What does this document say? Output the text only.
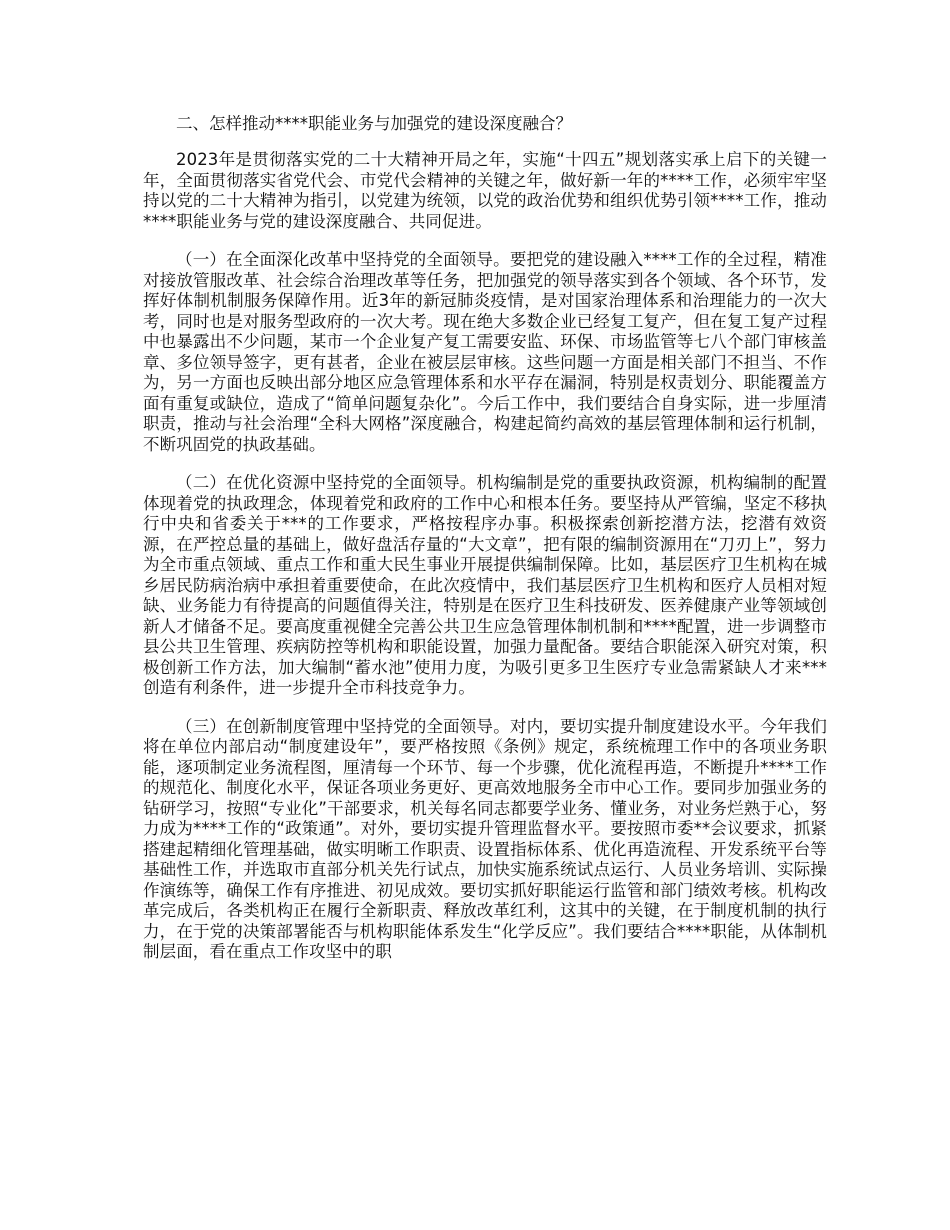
二、怎样推动****职能业务与加强党的建设深度融合？

2023年是贯彻落实党的二十大精神开局之年，实施“十四五”规划落实承上启下的关键一年，全面贯彻落实省党代会、市党代会精神的关键之年，做好新一年的****工作，必须牢牢坚持以党的二十大精神为指引，以党建为统领，以党的政治优势和组织优势引领****工作，推动****职能业务与党的建设深度融合、共同促进。

（一）在全面深化改革中坚持党的全面领导。要把党的建设融入****工作的全过程，精准对接放管服改革、社会综合治理改革等任务，把加强党的领导落实到各个领域、各个环节，发挥好体制机制服务保障作用。近3年的新冠肺炎疫情，是对国家治理体系和治理能力的一次大考，同时也是对服务型政府的一次大考。现在绝大多数企业已经复工复产，但在复工复产过程中也暴露出不少问题，某市一个企业复产复工需要安监、环保、市场监管等七八个部门审核盖章、多位领导签字，更有甚者，企业在被层层审核。这些问题一方面是相关部门不担当、不作为，另一方面也反映出部分地区应急管理体系和水平存在漏洞，特别是权责划分、职能覆盖方面有重复或缺位，造成了“简单问题复杂化”。今后工作中，我们要结合自身实际，进一步厘清职责，推动与社会治理“全科大网格”深度融合，构建起简约高效的基层管理体制和运行机制，不断巩固党的执政基础。

（二）在优化资源中坚持党的全面领导。机构编制是党的重要执政资源，机构编制的配置体现着党的执政理念，体现着党和政府的工作中心和根本任务。要坚持从严管编，坚定不移执行中央和省委关于***的工作要求，严格按程序办事。积极探索创新挖潜方法，挖潜有效资源，在严控总量的基础上，做好盘活存量的“大文章”，把有限的编制资源用在“刀刃上”，努力为全市重点领域、重点工作和重大民生事业开展提供编制保障。比如，基层医疗卫生机构在城乡居民防病治病中承担着重要使命，在此次疫情中，我们基层医疗卫生机构和医疗人员相对短缺、业务能力有待提高的问题值得关注，特别是在医疗卫生科技研发、医养健康产业等领域创新人才储备不足。要高度重视健全完善公共卫生应急管理体制机制和****配置，进一步调整市县公共卫生管理、疾病防控等机构和职能设置，加强力量配备。要结合职能深入研究对策，积极创新工作方法，加大编制“蓄水池”使用力度，为吸引更多卫生医疗专业急需紧缺人才来***创造有利条件，进一步提升全市科技竞争力。

（三）在创新制度管理中坚持党的全面领导。对内，要切实提升制度建设水平。今年我们将在单位内部启动“制度建设年”，要严格按照《条例》规定，系统梳理工作中的各项业务职能，逐项制定业务流程图，厘清每一个环节、每一个步骤，优化流程再造，不断提升****工作的规范化、制度化水平，保证各项业务更好、更高效地服务全市中心工作。要同步加强业务的钻研学习，按照“专业化”干部要求，机关每名同志都要学业务、懂业务，对业务烂熟于心，努力成为****工作的“政策通”。对外，要切实提升管理监督水平。要按照市委**会议要求，抓紧搭建起精细化管理基础，做实明晰工作职责、设置指标体系、优化再造流程、开发系统平台等基础性工作，并选取市直部分机关先行试点，加快实施系统试点运行、人员业务培训、实际操作演练等，确保工作有序推进、初见成效。要切实抓好职能运行监管和部门绩效考核。机构改革完成后，各类机构正在履行全新职责、释放改革红利，这其中的关键，在于制度机制的执行力，在于党的决策部署能否与机构职能体系发生“化学反应”。我们要结合****职能，从体制机制层面，看在重点工作攻坚中的职
